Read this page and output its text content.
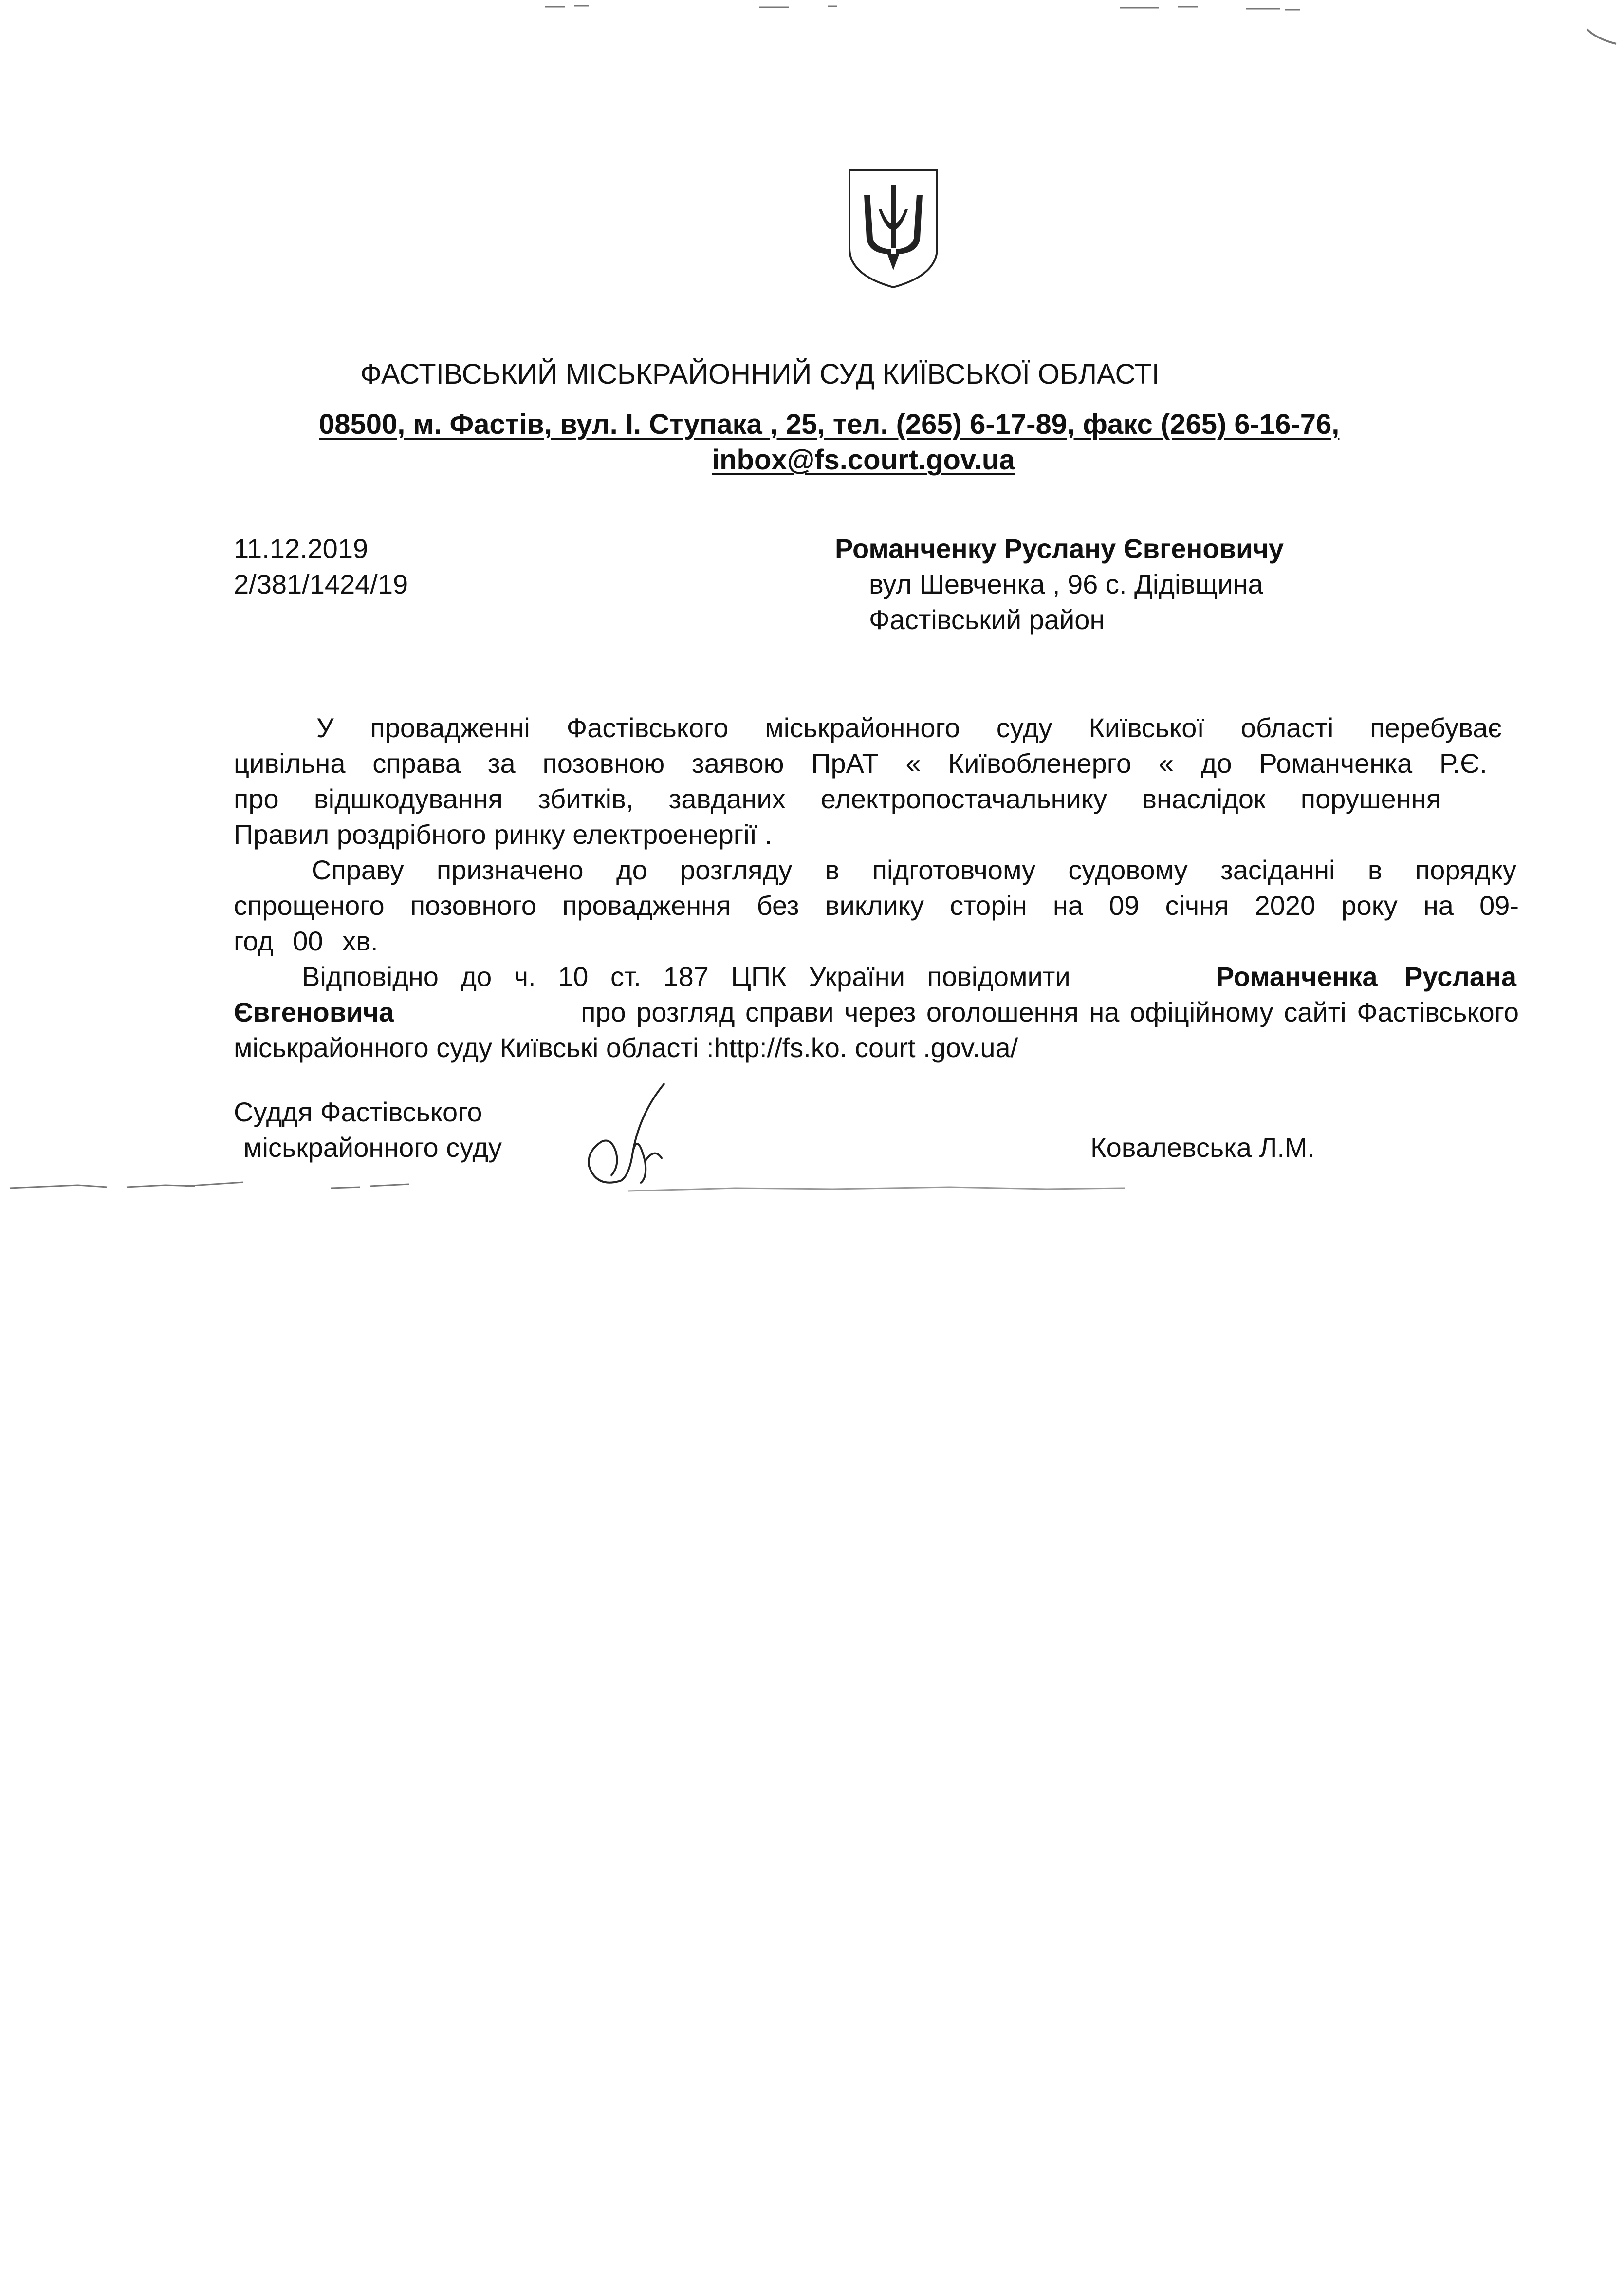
ФАСТІВСЬКИЙ МІСЬКРАЙОННИЙ СУД КИЇВСЬКОЇ ОБЛАСТІ
08500, м. Фастів, вул. І. Ступака , 25, тел. (265) 6-17-89, факс (265) 6-16-76,
inbox@fs.court.gov.ua
11.12.2019
2/381/1424/19
Романченку Руслану Євгеновичу
вул Шевченка , 96 с. Дідівщина
Фастівський район
У провадженні Фастівського міськрайонного суду Київської області перебуває
цивільна справа за позовною заявою ПрАТ « Київобленерго « до Романченка Р.Є.
про відшкодування збитків, завданих електропостачальнику внаслідок порушення
Правил роздрібного ринку електроенергії .
Справу призначено до розгляду в підготовчому судовому засіданні в порядку
спрощеного позовного провадження без виклику сторін на 09 січня 2020 року на 09-
год 00 хв.
Відповідно до ч. 10 ст. 187 ЦПК України повідомити	Романченка Руслана
Євгеновича	про розгляд справи через оголошення на офіційному сайті Фастівського
міськрайонного суду Київські області :http://fs.ko. court .gov.ua/
Суддя Фастівського
міськрайонного суду	Ковалевська Л.М.
